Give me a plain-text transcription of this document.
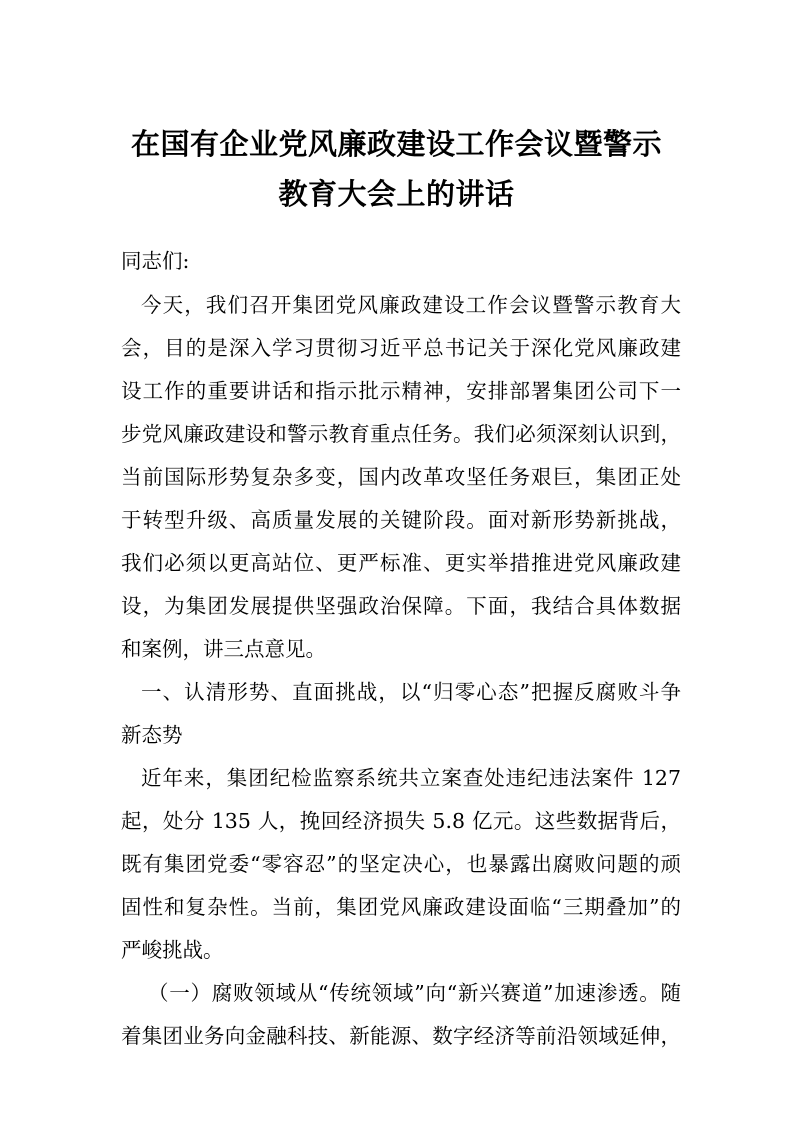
在国有企业党风廉政建设工作会议暨警示
教育大会上的讲话
同志们:
今天，我们召开集团党风廉政建设工作会议暨警示教育大
会，目的是深入学习贯彻习近平总书记关于深化党风廉政建
设工作的重要讲话和指示批示精神，安排部署集团公司下一
步党风廉政建设和警示教育重点任务。我们必须深刻认识到，
当前国际形势复杂多变，国内改革攻坚任务艰巨，集团正处
于转型升级、高质量发展的关键阶段。面对新形势新挑战，
我们必须以更高站位、更严标准、更实举措推进党风廉政建
设，为集团发展提供坚强政治保障。下面，我结合具体数据
和案例，讲三点意见。
一、认清形势、直面挑战，以“归零心态”把握反腐败斗争
新态势
近年来，集团纪检监察系统共立案查处违纪违法案件 127
起，处分 135 人，挽回经济损失 5.8 亿元。这些数据背后，
既有集团党委“零容忍”的坚定决心，也暴露出腐败问题的顽
固性和复杂性。当前，集团党风廉政建设面临“三期叠加”的
严峻挑战。
（一）腐败领域从“传统领域”向“新兴赛道”加速渗透。随
着集团业务向金融科技、新能源、数字经济等前沿领域延伸，
